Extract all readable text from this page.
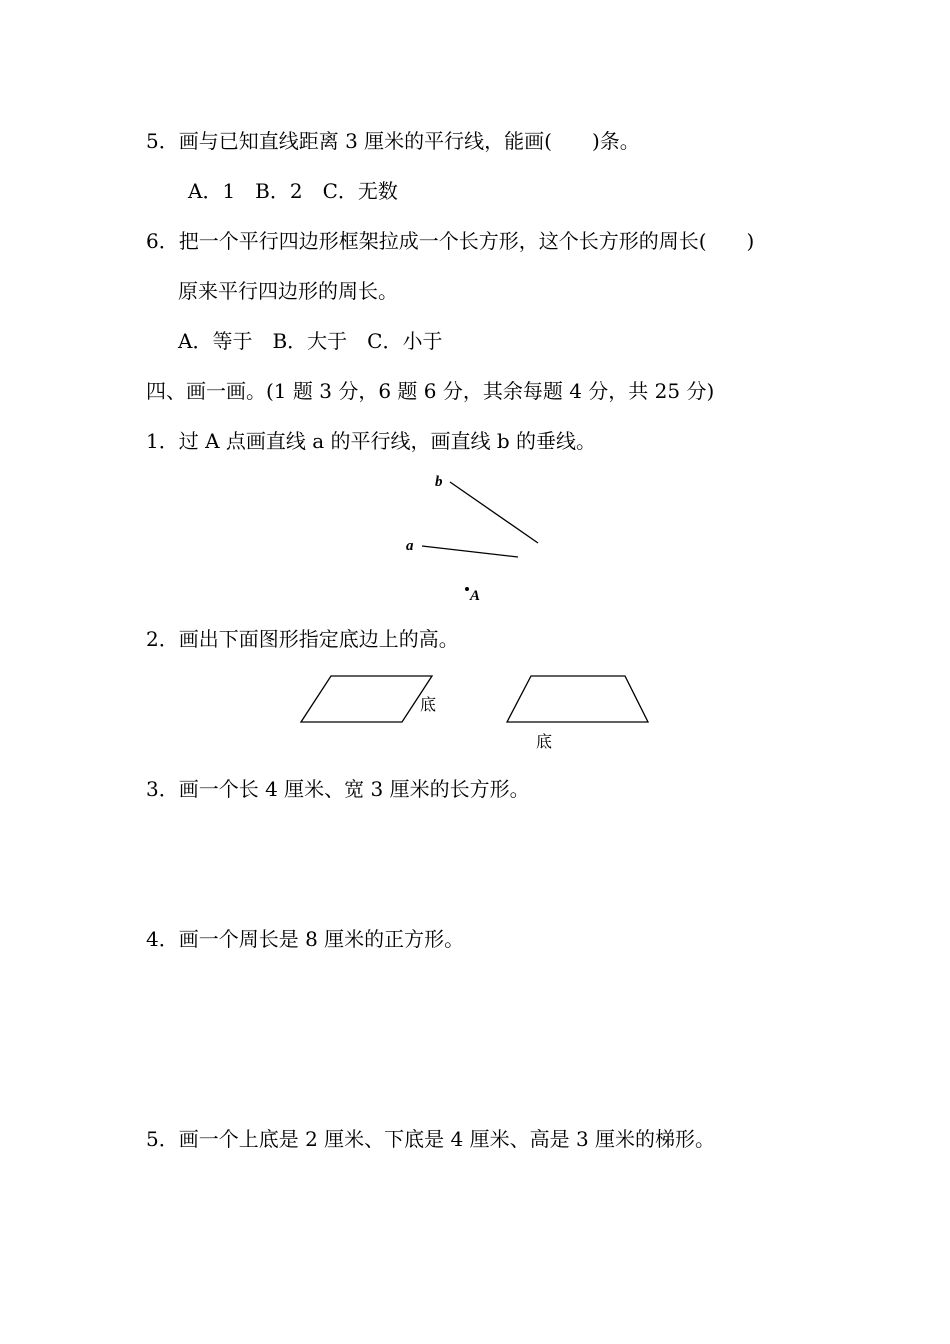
5．画与已知直线距离 3 厘米的平行线，能画(　　)条。
A．1　B．2　C．无数
6．把一个平行四边形框架拉成一个长方形，这个长方形的周长(　　)
原来平行四边形的周长。
A．等于　B．大于　C．小于
四、画一画。(1 题 3 分，6 题 6 分，其余每题 4 分，共 25 分)
1．过 A 点画直线 a 的平行线，画直线 b 的垂线。
b
a
A
底
底
2．画出下面图形指定底边上的高。
3．画一个长 4 厘米、宽 3 厘米的长方形。
4．画一个周长是 8 厘米的正方形。
5．画一个上底是 2 厘米、下底是 4 厘米、高是 3 厘米的梯形。
